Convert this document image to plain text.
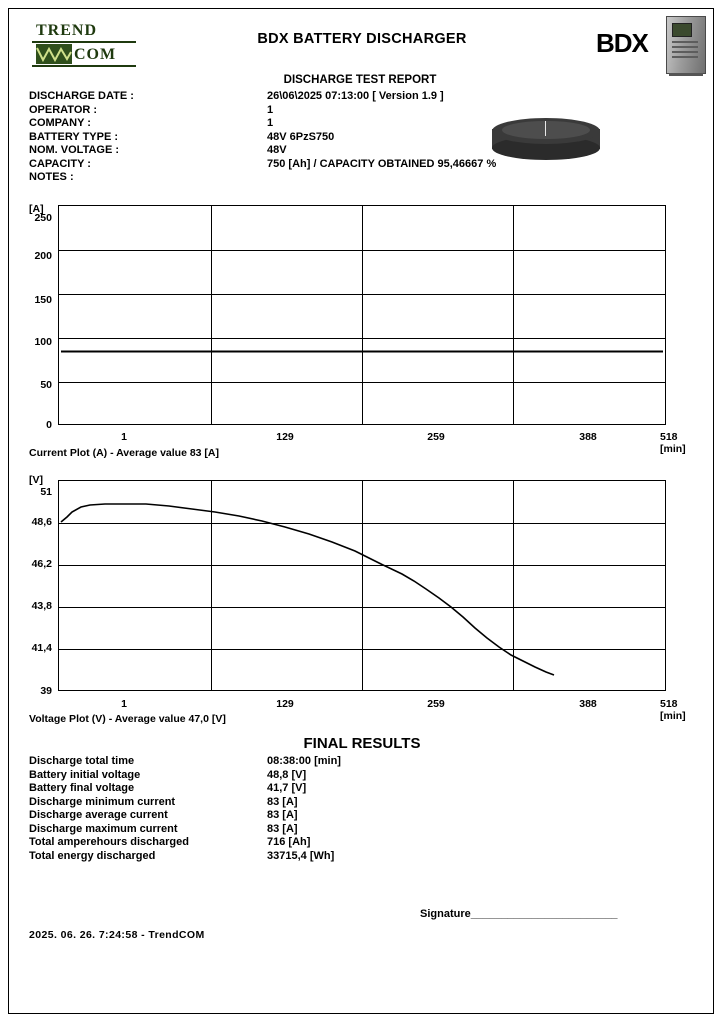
TREND
COM
BDX BATTERY DISCHARGER	BDX
DISCHARGE TEST REPORT
DISCHARGE DATE :	26\06\2025 07:13:00 [ Version 1.9 ]
OPERATOR :	1
COMPANY :	1
BATTERY TYPE :	48V 6PzS750
NOM. VOLTAGE :	48V
CAPACITY :	750 [Ah] / CAPACITY OBTAINED 95,46667 %
NOTES :
[A]
250
200
150
100
50
0
1	129	259	388	518 [min]
Current Plot (A) - Average value 83 [A]
[V]
51
48,6
46,2
43,8
41,4
39
1	129	259	388	518 [min]
Voltage Plot (V) - Average value 47,0 [V]
FINAL RESULTS
Discharge total time	08:38:00 [min]
Battery initial voltage	48,8 [V]
Battery final voltage	41,7 [V]
Discharge minimum current	83 [A]
Discharge average current	83 [A]
Discharge maximum current	83 [A]
Total amperehours discharged	716 [Ah]
Total energy discharged	33715,4 [Wh]
Signature________________________
2025. 06. 26. 7:24:58 - TrendCOM
